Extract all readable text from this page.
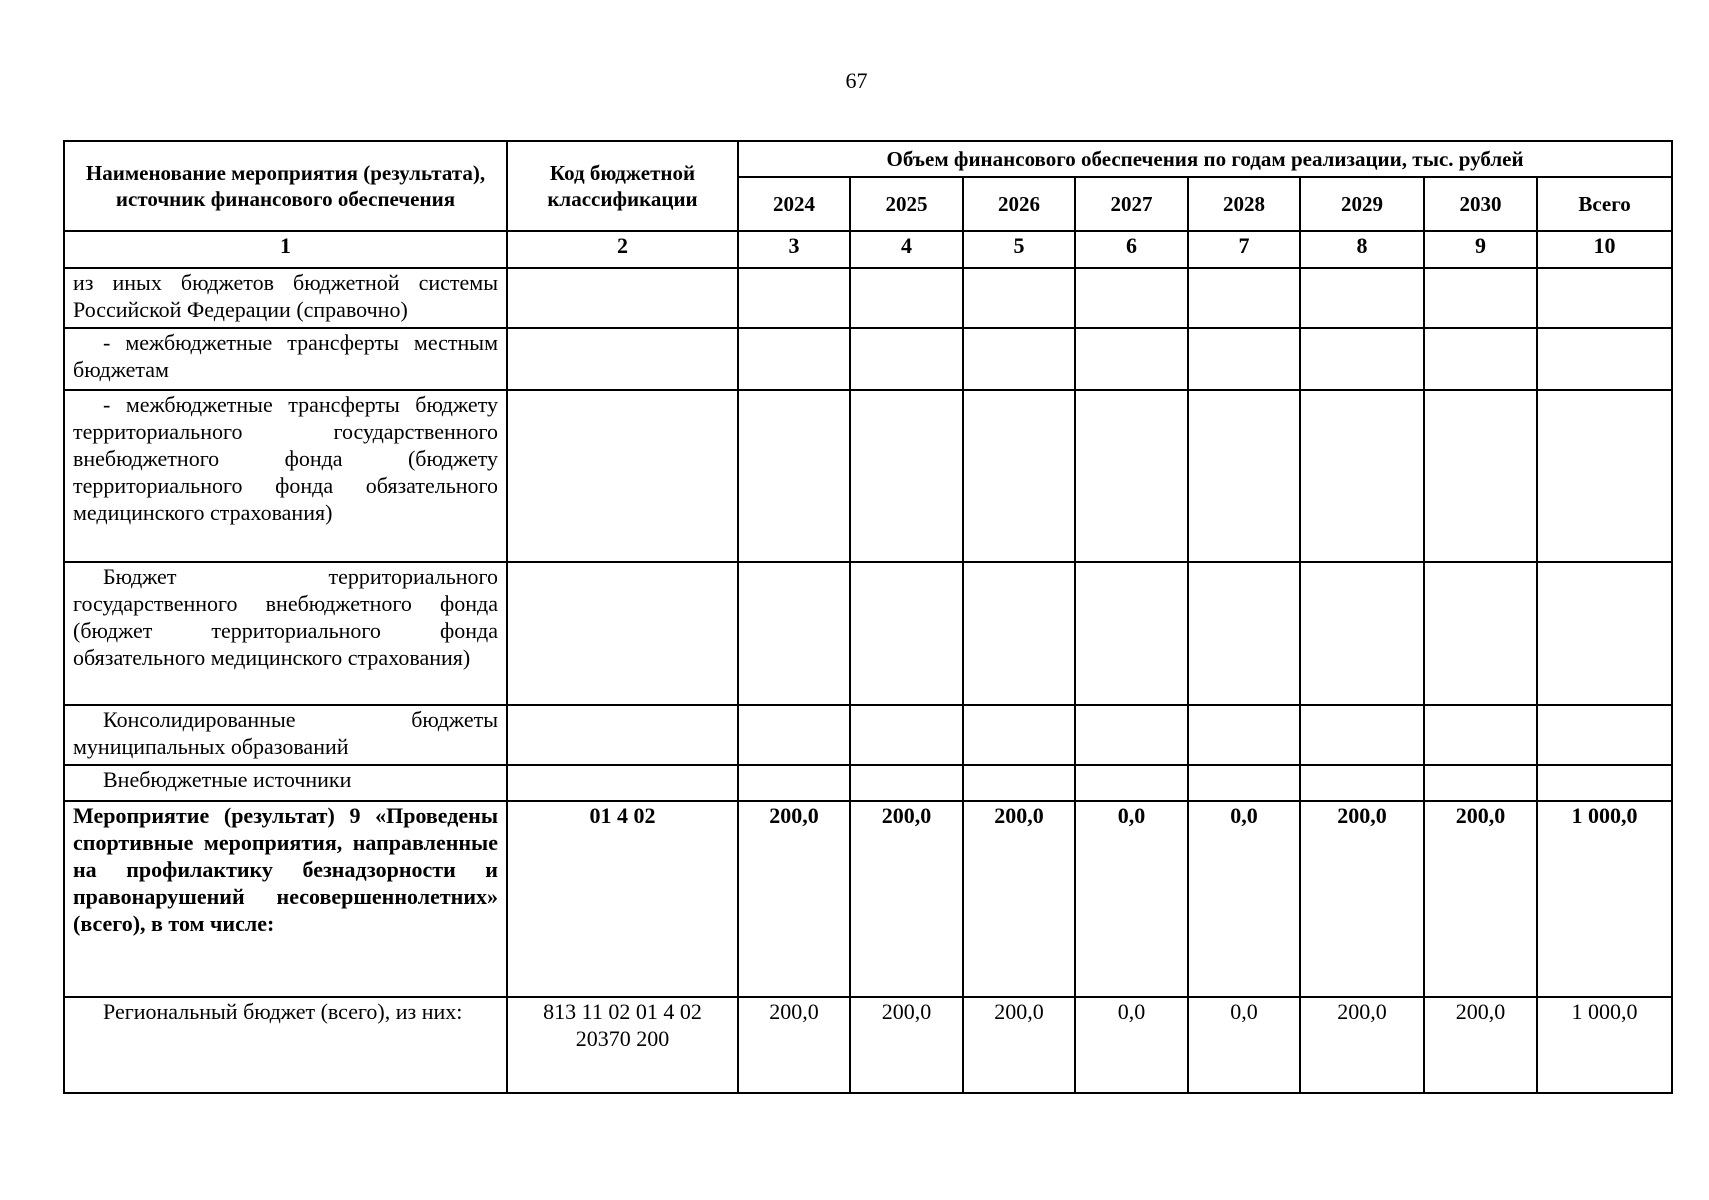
67
Наименование мероприятия (результата), источник финансового обеспечения	Код бюджетной классификации	Объем финансового обеспечения по годам реализации, тыс. рублей							
		2024	2025	2026	2027	2028	2029	2030	Всего
1	2	3	4	5	6	7	8	9	10
из иных бюджетов бюджетной системы Российской Федерации (справочно)									
- межбюджетные трансферты местным бюджетам									
- межбюджетные трансферты бюджету территориального государственного внебюджетного фонда (бюджету территориального фонда обязательного медицинского страхования)									
Бюджет территориального государственного внебюджетного фонда (бюджет территориального фонда обязательного медицинского страхования)									
Консолидированные бюджеты муниципальных образований									
Внебюджетные источники									
Мероприятие (результат) 9 «Проведены спортивные мероприятия, направленные на профилактику безнадзорности и правонарушений несовершеннолетних» (всего), в том числе:	01 4 02	200,0	200,0	200,0	0,0	0,0	200,0	200,0	1 000,0
Региональный бюджет (всего), из них:	813 11 02 01 4 02 20370 200	200,0	200,0	200,0	0,0	0,0	200,0	200,0	1 000,0
